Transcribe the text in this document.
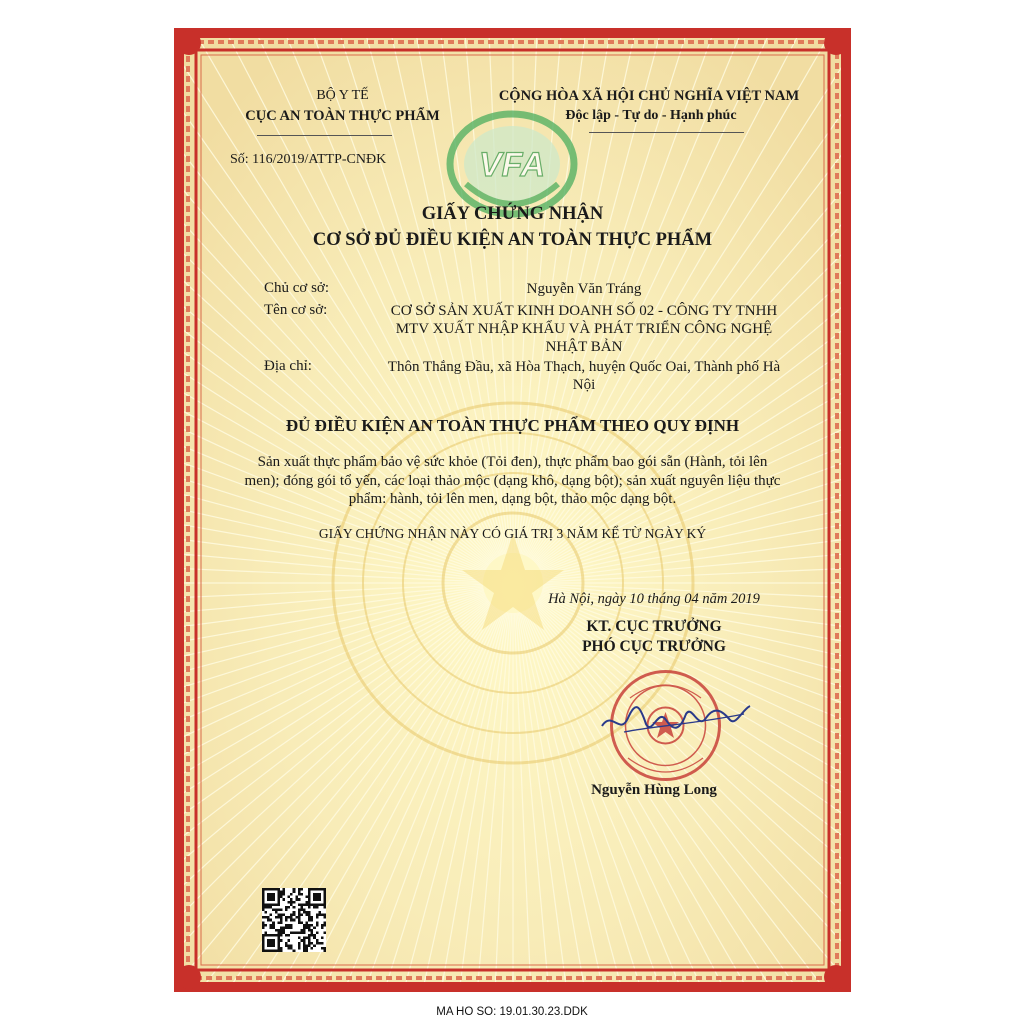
BỘ Y TẾ
CỤC AN TOÀN THỰC PHẨM
Số: 116/2019/ATTP-CNĐK
CỘNG HÒA XÃ HỘI CHỦ NGHĨA VIỆT NAM
Độc lập - Tự do - Hạnh phúc
VFA
GIẤY CHỨNG NHẬN
CƠ SỞ ĐỦ ĐIỀU KIỆN AN TOÀN THỰC PHẨM
Chủ cơ sở:	Nguyễn Văn Tráng
Tên cơ sở:	CƠ SỞ SẢN XUẤT KINH DOANH SỐ 02 - CÔNG TY TNHH MTV XUẤT NHẬP KHẨU VÀ PHÁT TRIỂN CÔNG NGHỆ NHẬT BẢN
Địa chỉ:	Thôn Thắng Đầu, xã Hòa Thạch, huyện Quốc Oai, Thành phố Hà Nội
ĐỦ ĐIỀU KIỆN AN TOÀN THỰC PHẨM THEO QUY ĐỊNH
Sản xuất thực phẩm bảo vệ sức khỏe (Tỏi đen), thực phẩm bao gói sẵn (Hành, tỏi lên men); đóng gói tổ yến, các loại thảo mộc (dạng khô, dạng bột); sản xuất nguyên liệu thực phẩm: hành, tỏi lên men, dạng bột, thảo mộc dạng bột.
GIẤY CHỨNG NHẬN NÀY CÓ GIÁ TRỊ 3 NĂM KỂ TỪ NGÀY KÝ
Hà Nội, ngày 10 tháng 04 năm 2019
KT. CỤC TRƯỞNG
PHÓ CỤC TRƯỞNG
Nguyễn Hùng Long
MA HO SO: 19.01.30.23.DDK
